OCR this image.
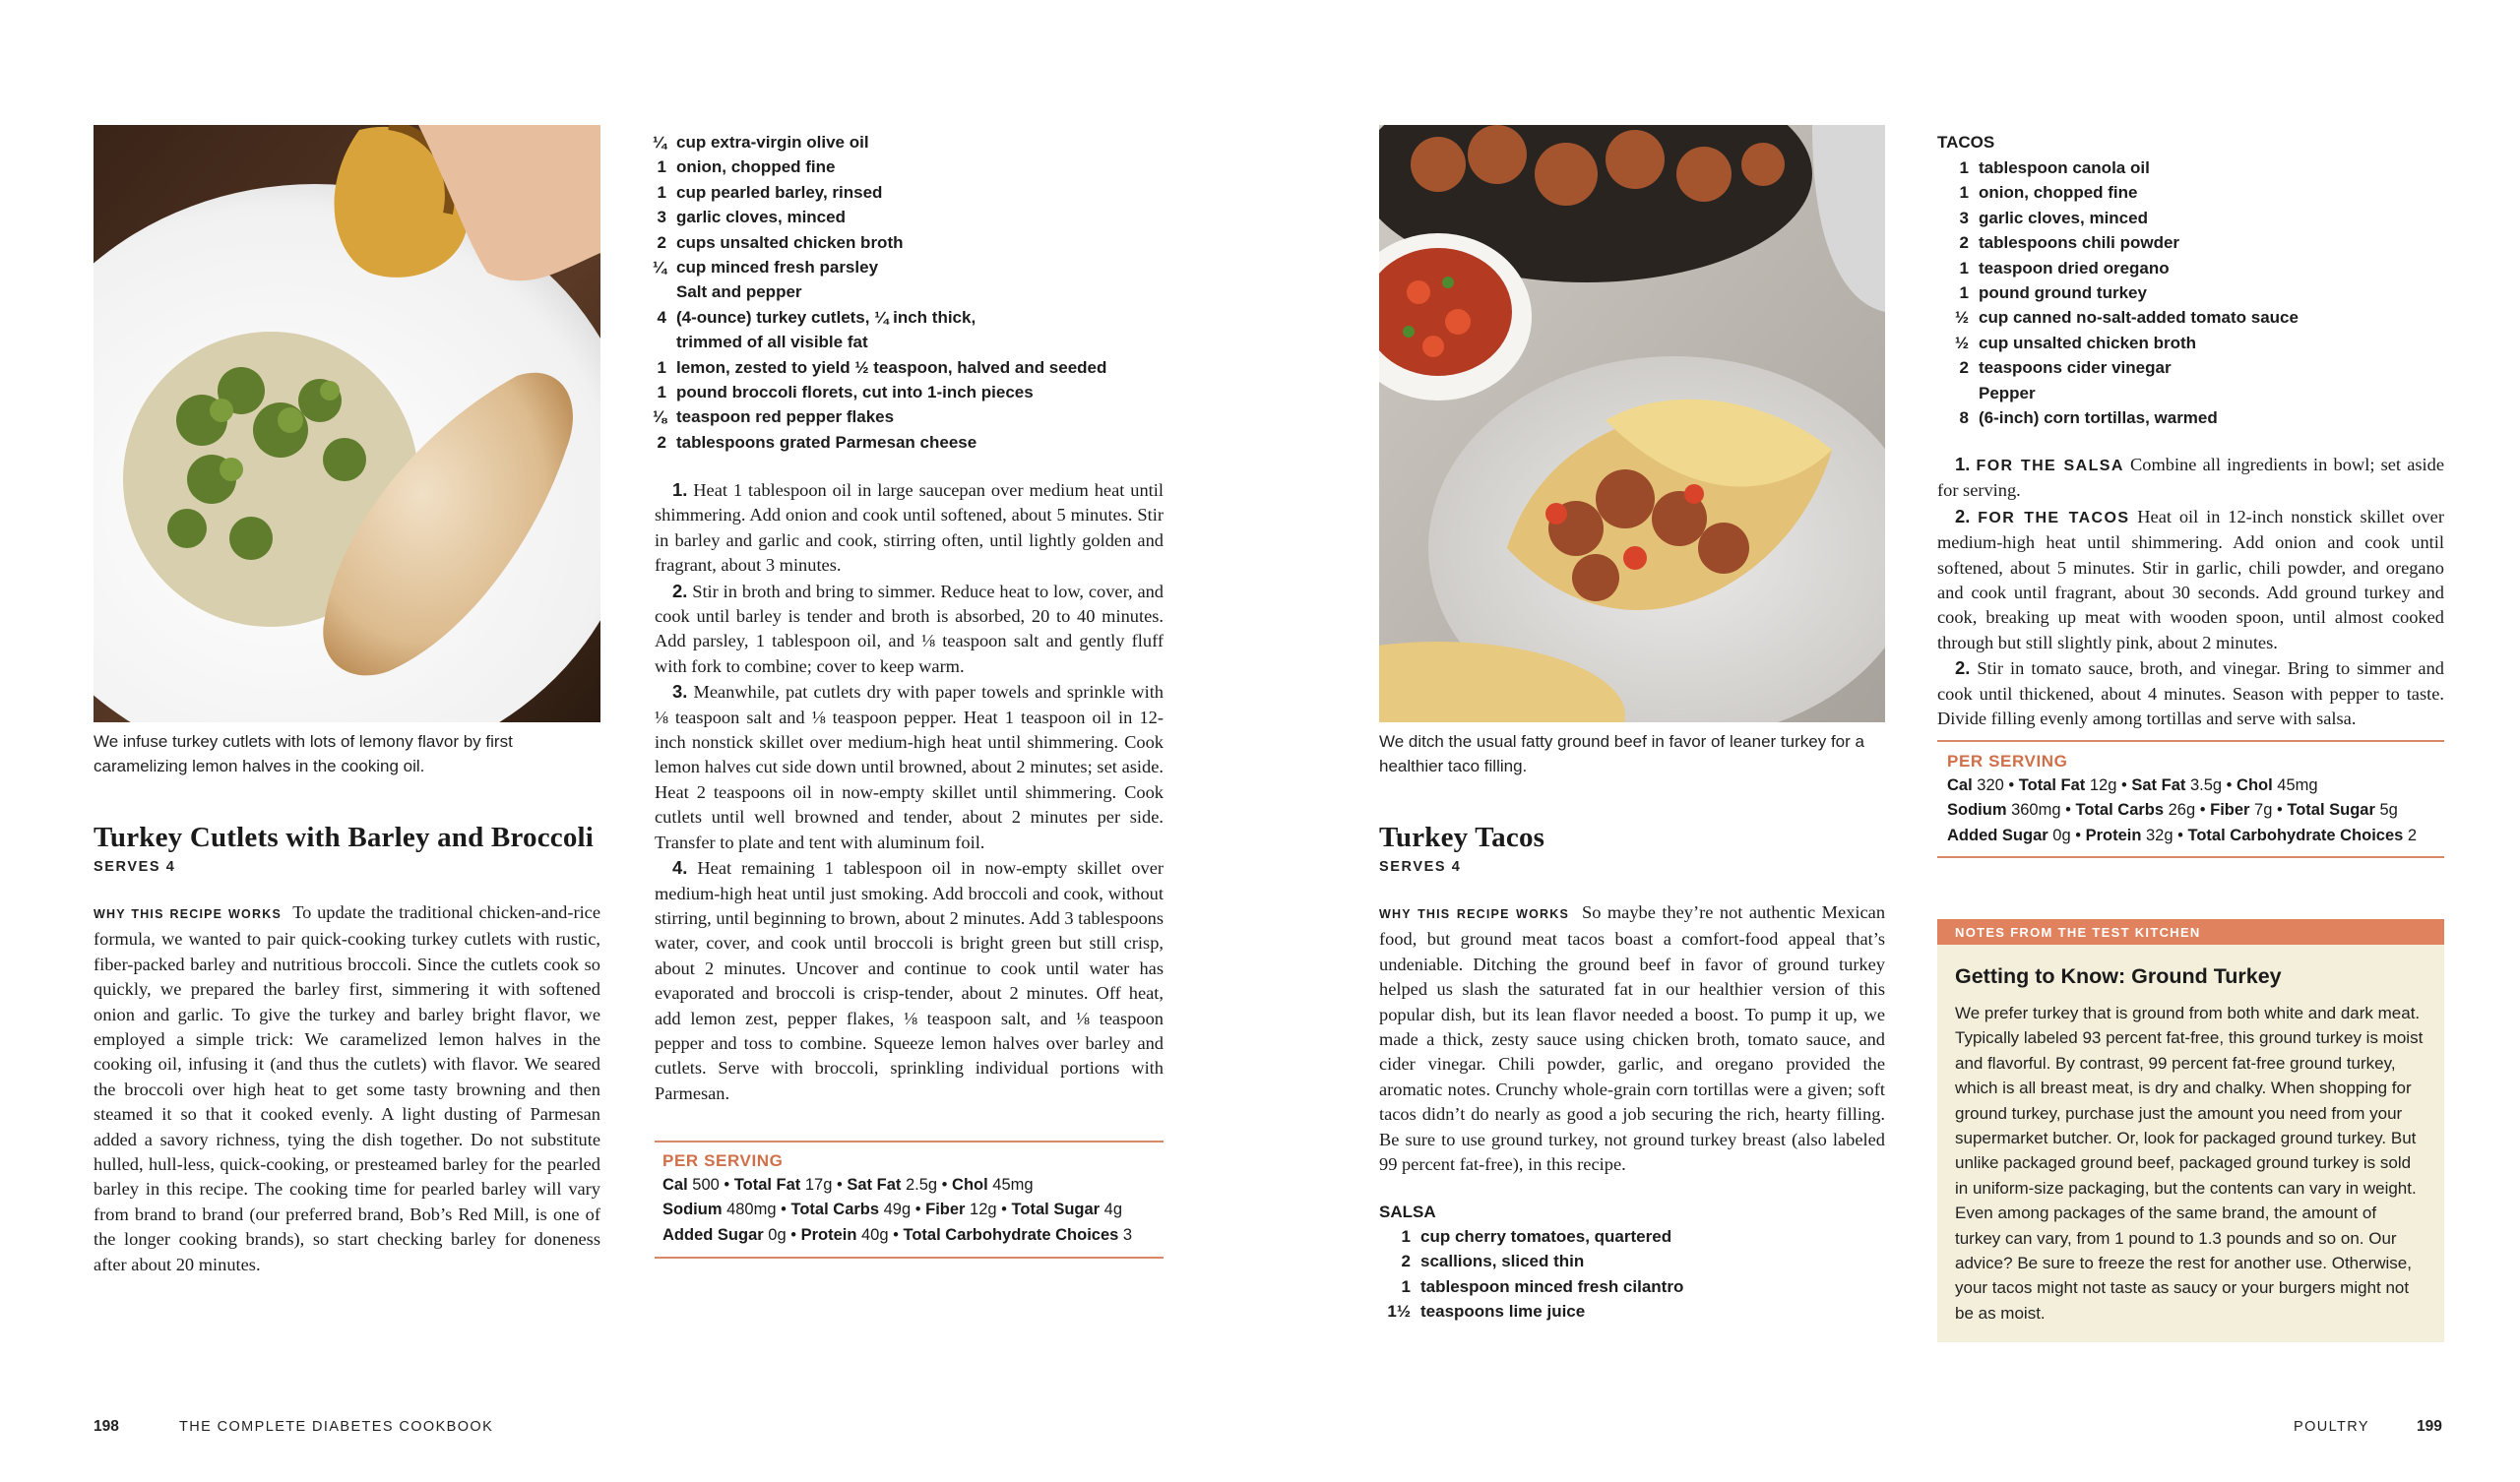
We infuse turkey cutlets with lots of lemony flavor by first caramelizing lemon halves in the cooking oil.
Turkey Cutlets with Barley and Broccoli
SERVES 4
WHY THIS RECIPE WORKS To update the traditional chicken-and-rice formula, we wanted to pair quick-cooking turkey cutlets with rustic, fiber-packed barley and nutritious broccoli. Since the cutlets cook so quickly, we prepared the barley first, simmering it with softened onion and garlic. To give the turkey and barley bright flavor, we employed a simple trick: We caramelized lemon halves in the cooking oil, infusing it (and thus the cutlets) with flavor. We seared the broccoli over high heat to get some tasty browning and then steamed it so that it cooked evenly. A light dusting of Parmesan added a savory richness, tying the dish together. Do not substitute hulled, hull-less, quick-cooking, or presteamed barley for the pearled barley in this recipe. The cooking time for pearled barley will vary from brand to brand (our preferred brand, Bob’s Red Mill, is one of the longer cooking brands), so start checking barley for doneness after about 20 minutes.
¼ cup extra-virgin olive oil
1 onion, chopped fine
1 cup pearled barley, rinsed
3 garlic cloves, minced
2 cups unsalted chicken broth
¼ cup minced fresh parsley
Salt and pepper
4 (4-ounce) turkey cutlets, ¼ inch thick,
trimmed of all visible fat
1 lemon, zested to yield ½ teaspoon, halved and seeded
1 pound broccoli florets, cut into 1-inch pieces
⅛ teaspoon red pepper flakes
2 tablespoons grated Parmesan cheese

1. Heat 1 tablespoon oil in large saucepan over medium heat until shimmering. Add onion and cook until softened, about 5 minutes. Stir in barley and garlic and cook, stirring often, until lightly golden and fragrant, about 3 minutes.

2. Stir in broth and bring to simmer. Reduce heat to low, cover, and cook until barley is tender and broth is absorbed, 20 to 40 minutes. Add parsley, 1 tablespoon oil, and ⅛ teaspoon salt and gently fluff with fork to combine; cover to keep warm.

3. Meanwhile, pat cutlets dry with paper towels and sprinkle with ⅛ teaspoon salt and ⅛ teaspoon pepper. Heat 1 teaspoon oil in 12-inch nonstick skillet over medium-high heat until shimmering. Cook lemon halves cut side down until browned, about 2 minutes; set aside. Heat 2 teaspoons oil in now-empty skillet until shimmering. Cook cutlets until well browned and tender, about 2 minutes per side. Transfer to plate and tent with aluminum foil.

4. Heat remaining 1 tablespoon oil in now-empty skillet over medium-high heat until just smoking. Add broccoli and cook, without stirring, until beginning to brown, about 2 minutes. Add 3 tablespoons water, cover, and cook until broccoli is bright green but still crisp, about 2 minutes. Uncover and continue to cook until water has evaporated and broccoli is crisp-tender, about 2 minutes. Off heat, add lemon zest, pepper flakes, ⅛ teaspoon salt, and ⅛ teaspoon pepper and toss to combine. Squeeze lemon halves over barley and cutlets. Serve with broccoli, sprinkling individual portions with Parmesan.

PER SERVING
Cal 500 • Total Fat 17g • Sat Fat 2.5g • Chol 45mg
Sodium 480mg • Total Carbs 49g • Fiber 12g • Total Sugar 4g
Added Sugar 0g • Protein 40g • Total Carbohydrate Choices 3
198	THE COMPLETE DIABETES COOKBOOK
We ditch the usual fatty ground beef in favor of leaner turkey for a healthier taco filling.
Turkey Tacos
SERVES 4
WHY THIS RECIPE WORKS So maybe they’re not authentic Mexican food, but ground meat tacos boast a comfort-food appeal that’s undeniable. Ditching the ground beef in favor of ground turkey helped us slash the saturated fat in our healthier version of this popular dish, but its lean flavor needed a boost. To pump it up, we made a thick, zesty sauce using chicken broth, tomato sauce, and cider vinegar. Chili powder, garlic, and oregano provided the aromatic notes. Crunchy whole-grain corn tortillas were a given; soft tacos didn’t do nearly as good a job securing the rich, hearty filling. Be sure to use ground turkey, not ground turkey breast (also labeled 99 percent fat-free), in this recipe.
SALSA
1 cup cherry tomatoes, quartered
2 scallions, sliced thin
1 tablespoon minced fresh cilantro
1½ teaspoons lime juice
TACOS
1 tablespoon canola oil
1 onion, chopped fine
3 garlic cloves, minced
2 tablespoons chili powder
1 teaspoon dried oregano
1 pound ground turkey
½ cup canned no-salt-added tomato sauce
½ cup unsalted chicken broth
2 teaspoons cider vinegar
Pepper
8 (6-inch) corn tortillas, warmed

1. FOR THE SALSA Combine all ingredients in bowl; set aside for serving.

2. FOR THE TACOS Heat oil in 12-inch nonstick skillet over medium-high heat until shimmering. Add onion and cook until softened, about 5 minutes. Stir in garlic, chili powder, and oregano and cook until fragrant, about 30 seconds. Add ground turkey and cook, breaking up meat with wooden spoon, until almost cooked through but still slightly pink, about 2 minutes.

2. Stir in tomato sauce, broth, and vinegar. Bring to simmer and cook until thickened, about 4 minutes. Season with pepper to taste. Divide filling evenly among tortillas and serve with salsa.

PER SERVING
Cal 320 • Total Fat 12g • Sat Fat 3.5g • Chol 45mg
Sodium 360mg • Total Carbs 26g • Fiber 7g • Total Sugar 5g
Added Sugar 0g • Protein 32g • Total Carbohydrate Choices 2
NOTES FROM THE TEST KITCHEN
Getting to Know: Ground Turkey
We prefer turkey that is ground from both white and dark meat. Typically labeled 93 percent fat-free, this ground turkey is moist and flavorful. By contrast, 99 percent fat-free ground turkey, which is all breast meat, is dry and chalky. When shopping for ground turkey, purchase just the amount you need from your supermarket butcher. Or, look for packaged ground turkey. But unlike packaged ground beef, packaged ground turkey is sold in uniform-size packaging, but the contents can vary in weight. Even among packages of the same brand, the amount of turkey can vary, from 1 pound to 1.3 pounds and so on. Our advice? Be sure to freeze the rest for another use. Otherwise, your tacos might not taste as saucy or your burgers might not be as moist.
POULTRY	199
